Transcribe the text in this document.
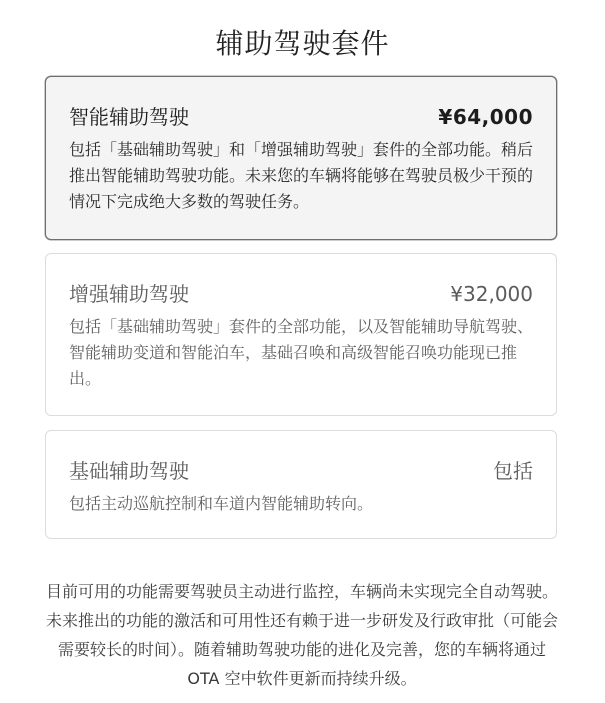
辅助驾驶套件
智能辅助驾驶	¥64,000
包括「基础辅助驾驶」和「增强辅助驾驶」套件的全部功能。稍后推出智能辅助驾驶功能。未来您的车辆将能够在驾驶员极少干预的情况下完成绝大多数的驾驶任务。
增强辅助驾驶	¥32,000
包括「基础辅助驾驶」套件的全部功能，以及智能辅助导航驾驶、智能辅助变道和智能泊车，基础召唤和高级智能召唤功能现已推出。
基础辅助驾驶	包括
包括主动巡航控制和车道内智能辅助转向。
目前可用的功能需要驾驶员主动进行监控，车辆尚未实现完全自动驾驶。未来推出的功能的激活和可用性还有赖于进一步研发及行政审批（可能会需要较长的时间）。随着辅助驾驶功能的进化及完善，您的车辆将通过 OTA 空中软件更新而持续升级。
